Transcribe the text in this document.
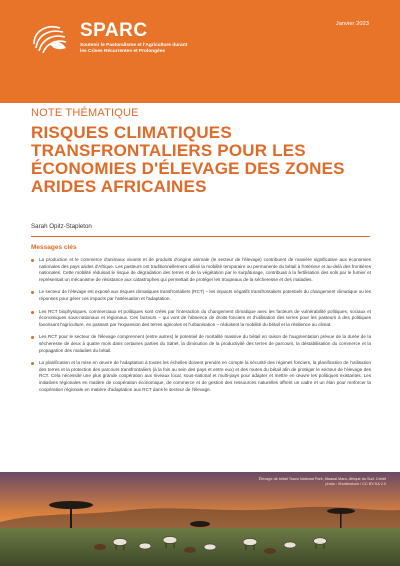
SPARC
Soutenir le Pastoralisme et l'Agriculture durant les Crises Récurrentes et Prolongées
Janvier 2023
NOTE THÉMATIQUE
RISQUES CLIMATIQUES TRANSFRONTALIERS POUR LES ÉCONOMIES D'ÉLEVAGE DES ZONES ARIDES AFRICAINES
Sarah Opitz-Stapleton
Messages clés
La production et le commerce d'animaux vivants et de produits d'origine animale (le secteur de l'élevage) contribuent de manière significative aux économies nationales des pays arides d'Afrique. Les pasteurs ont traditionnellement utilisé la mobilité temporaire ou permanente du bétail à l'intérieur et au-delà des frontières nationales. Cette mobilité réduisait le risque de dégradation des terres et de la végétation par le surpâturage, contribuait à la fertilisation des sols par le fumier et représentait un mécanisme de résistance aux catastrophes qui permettait de protéger les troupeaux de la sécheresse et des maladies.
Le secteur de l'élevage est exposé aux risques climatiques transfrontaliers (RCT) – les impacts négatifs transfrontaliers potentiels du changement climatique ou les réponses pour gérer ces impacts par l'atténuation et l'adaptation.
Les RCT biophysiques, commerciaux et politiques sont créés par l'interaction du changement climatique avec les facteurs de vulnérabilité politiques, sociaux et économiques sous-nationaux et régionaux. Ces facteurs – qui vont de l'absence de droits fonciers et d'utilisation des terres pour les pasteurs à des politiques favorisant l'agriculture, en passant par l'expansion des terres agricoles et l'urbanisation – réduisent la mobilité du bétail et la résilience au climat.
Les RCT pour le secteur de l'élevage comprennent (entre autres) le potentiel de mortalité massive du bétail en raison de l'augmentation prévue de la durée de la sécheresse de deux à quatre mois dans certaines parties du Sahel, la diminution de la productivité des terres de parcours, la déstabilisation du commerce et la propagation des maladies du bétail.
La planification et la mise en œuvre de l'adaptation à toutes les échelles doivent prendre en compte la sécurité des régimes fonciers, la planification de l'utilisation des terres et la protection des parcours transfrontaliers (à la fois au sein des pays et entre eux) et des routes du bétail afin de protéger le secteur de l'élevage des RCT. Cela nécessite une plus grande coopération aux niveaux local, sous-national et multi-pays pour adapter et mettre en œuvre les politiques existantes. Les initiatives régionales en matière de coopération économique, de commerce et de gestion des ressources naturelles offrent un cadre et un élan pour renforcer la coopération régionale en matière d'adaptation aux RCT dans le secteur de l'élevage.
Élevage de bétail Tsavo National Park, Maasai Mara, Afrique du Sud. Crédit photo : Shutterstock / CC BY-SA 2.0
